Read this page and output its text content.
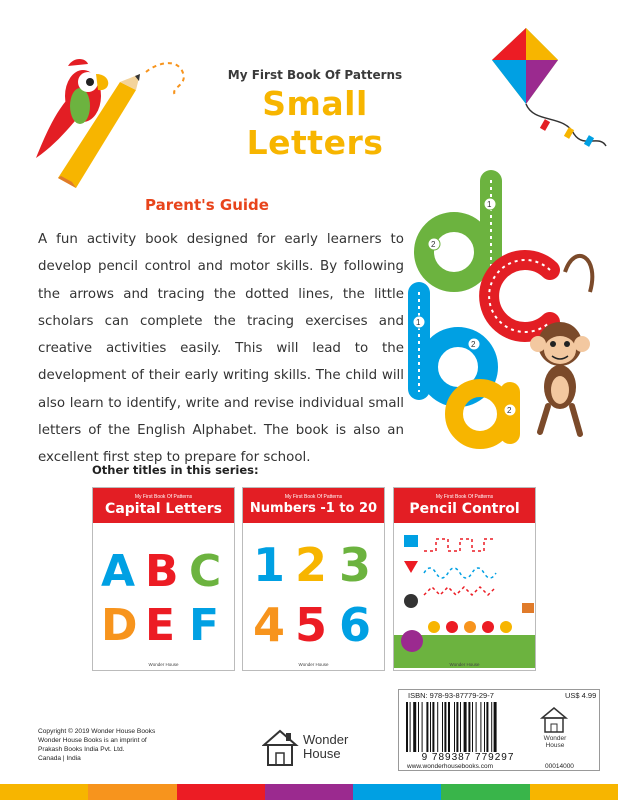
My First Book Of Patterns
Small Letters
Parent's Guide
A fun activity book designed for early learners to develop pencil control and motor skills. By following the arrows and tracing the dotted lines, the little scholars can complete the tracing exercises and creative activities easily. This will lead to the development of their early writing skills. The child will also learn to identify, write and revise individual small letters of the English Alphabet. The book is also an excellent first step to prepare for school.
1
2
1
2
2
Other titles in this series:
My First Book Of Patterns
Capital Letters
A B C
D E F
Wonder House
My First Book Of Patterns
Numbers -1 to 20
1 2 3
4 5 6
Wonder House
My First Book Of Patterns
Pencil Control
Wonder House
Copyright © 2019 Wonder House Books
Wonder House Books is an imprint of
Prakash Books India Pvt. Ltd.
Canada | India
Wonder
House
ISBN: 978-93-87779-29-7	US$ 4.99
9 789387 779297
www.wonderhousebooks.com
Wonder House
00014000
